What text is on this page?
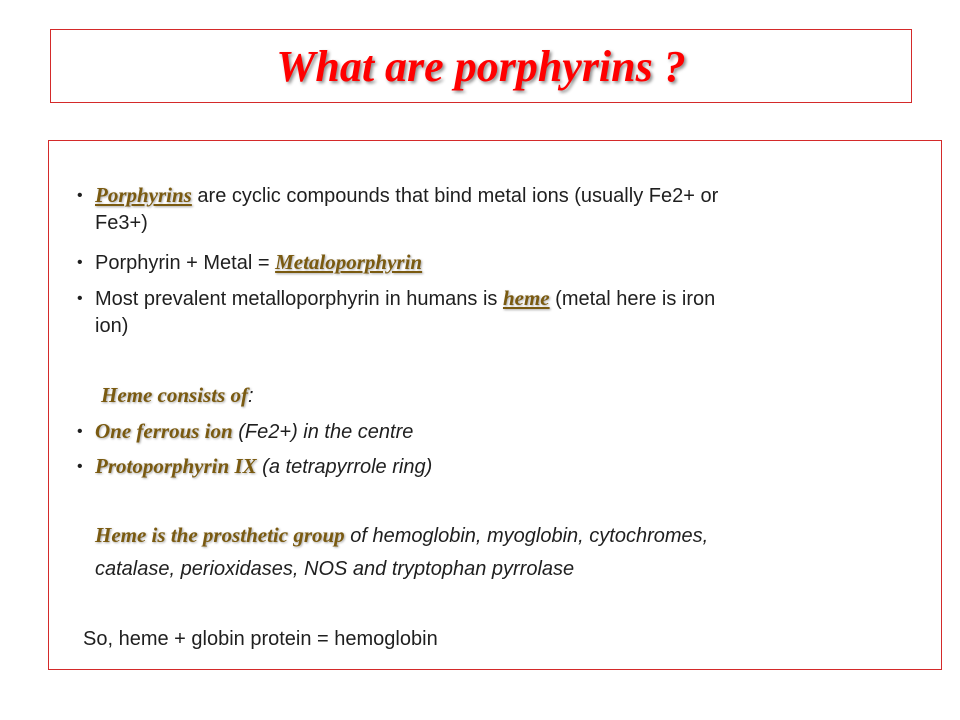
What are porphyrins ?
• Porphyrins are cyclic compounds that bind metal ions (usually Fe2+ or
Fe3+)
• Porphyrin + Metal = Metaloporphyrin
• Most prevalent metalloporphyrin in humans is heme (metal here is iron
ion)
Heme consists of:
• One ferrous ion (Fe2+) in the centre
• Protoporphyrin IX (a tetrapyrrole ring)
Heme is the prosthetic group of hemoglobin, myoglobin, cytochromes,
catalase, perioxidases, NOS and tryptophan pyrrolase
So, heme + globin protein = hemoglobin
